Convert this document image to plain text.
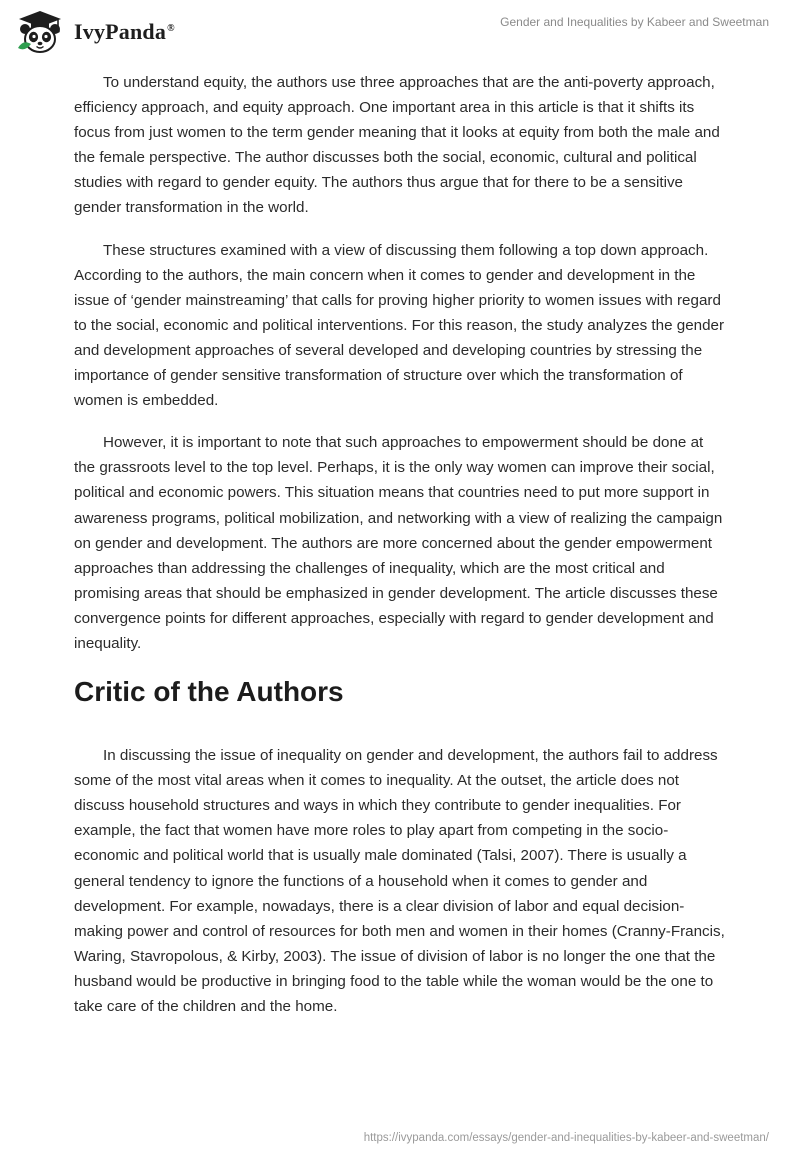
IvyPanda®	Gender and Inequalities by Kabeer and Sweetman

To understand equity, the authors use three approaches that are the anti-poverty approach, efficiency approach, and equity approach. One important area in this article is that it shifts its focus from just women to the term gender meaning that it looks at equity from both the male and the female perspective. The author discusses both the social, economic, cultural and political studies with regard to gender equity. The authors thus argue that for there to be a sensitive gender transformation in the world.

These structures examined with a view of discussing them following a top down approach. According to the authors, the main concern when it comes to gender and development in the issue of ‘gender mainstreaming’ that calls for proving higher priority to women issues with regard to the social, economic and political interventions. For this reason, the study analyzes the gender and development approaches of several developed and developing countries by stressing the importance of gender sensitive transformation of structure over which the transformation of women is embedded.

However, it is important to note that such approaches to empowerment should be done at the grassroots level to the top level. Perhaps, it is the only way women can improve their social, political and economic powers. This situation means that countries need to put more support in awareness programs, political mobilization, and networking with a view of realizing the campaign on gender and development. The authors are more concerned about the gender empowerment approaches than addressing the challenges of inequality, which are the most critical and promising areas that should be emphasized in gender development. The article discusses these convergence points for different approaches, especially with regard to gender development and inequality.

Critic of the Authors

In discussing the issue of inequality on gender and development, the authors fail to address some of the most vital areas when it comes to inequality. At the outset, the article does not discuss household structures and ways in which they contribute to gender inequalities. For example, the fact that women have more roles to play apart from competing in the socio-economic and political world that is usually male dominated (Talsi, 2007). There is usually a general tendency to ignore the functions of a household when it comes to gender and development. For example, nowadays, there is a clear division of labor and equal decision-making power and control of resources for both men and women in their homes (Cranny-Francis, Waring, Stavropolous, & Kirby, 2003). The issue of division of labor is no longer the one that the husband would be productive in bringing food to the table while the woman would be the one to take care of the children and the home.

https://ivypanda.com/essays/gender-and-inequalities-by-kabeer-and-sweetman/
